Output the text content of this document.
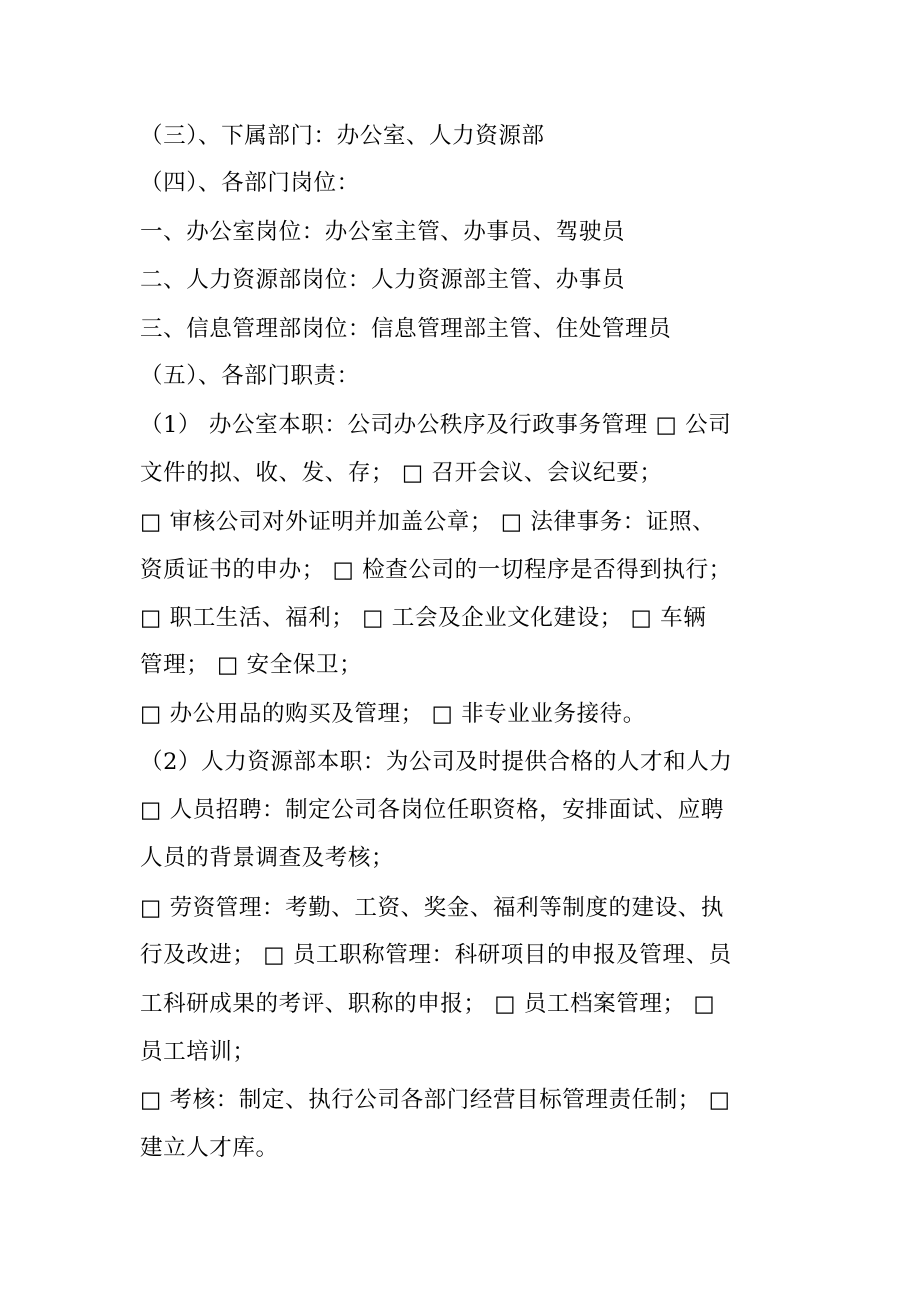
（三）、下属部门：办公室、人力资源部
（四）、各部门岗位：
一、办公室岗位：办公室主管、办事员、驾驶员
二、人力资源部岗位：人力资源部主管、办事员
三、信息管理部岗位：信息管理部主管、住处管理员
（五）、各部门职责：
（1） 办公室本职：公司办公秩序及行政事务管理 □ 公司
文件的拟、收、发、存； □ 召开会议、会议纪要；
□ 审核公司对外证明并加盖公章； □ 法律事务：证照、
资质证书的申办； □ 检查公司的一切程序是否得到执行；
□ 职工生活、福利； □ 工会及企业文化建设； □ 车辆
管理； □ 安全保卫；
□ 办公用品的购买及管理； □ 非专业业务接待。
（2）人力资源部本职：为公司及时提供合格的人才和人力
□ 人员招聘：制定公司各岗位任职资格，安排面试、应聘
人员的背景调查及考核；
□ 劳资管理：考勤、工资、奖金、福利等制度的建设、执
行及改进； □ 员工职称管理：科研项目的申报及管理、员
工科研成果的考评、职称的申报； □ 员工档案管理； □
员工培训；
□ 考核：制定、执行公司各部门经营目标管理责任制； □
建立人才库。
